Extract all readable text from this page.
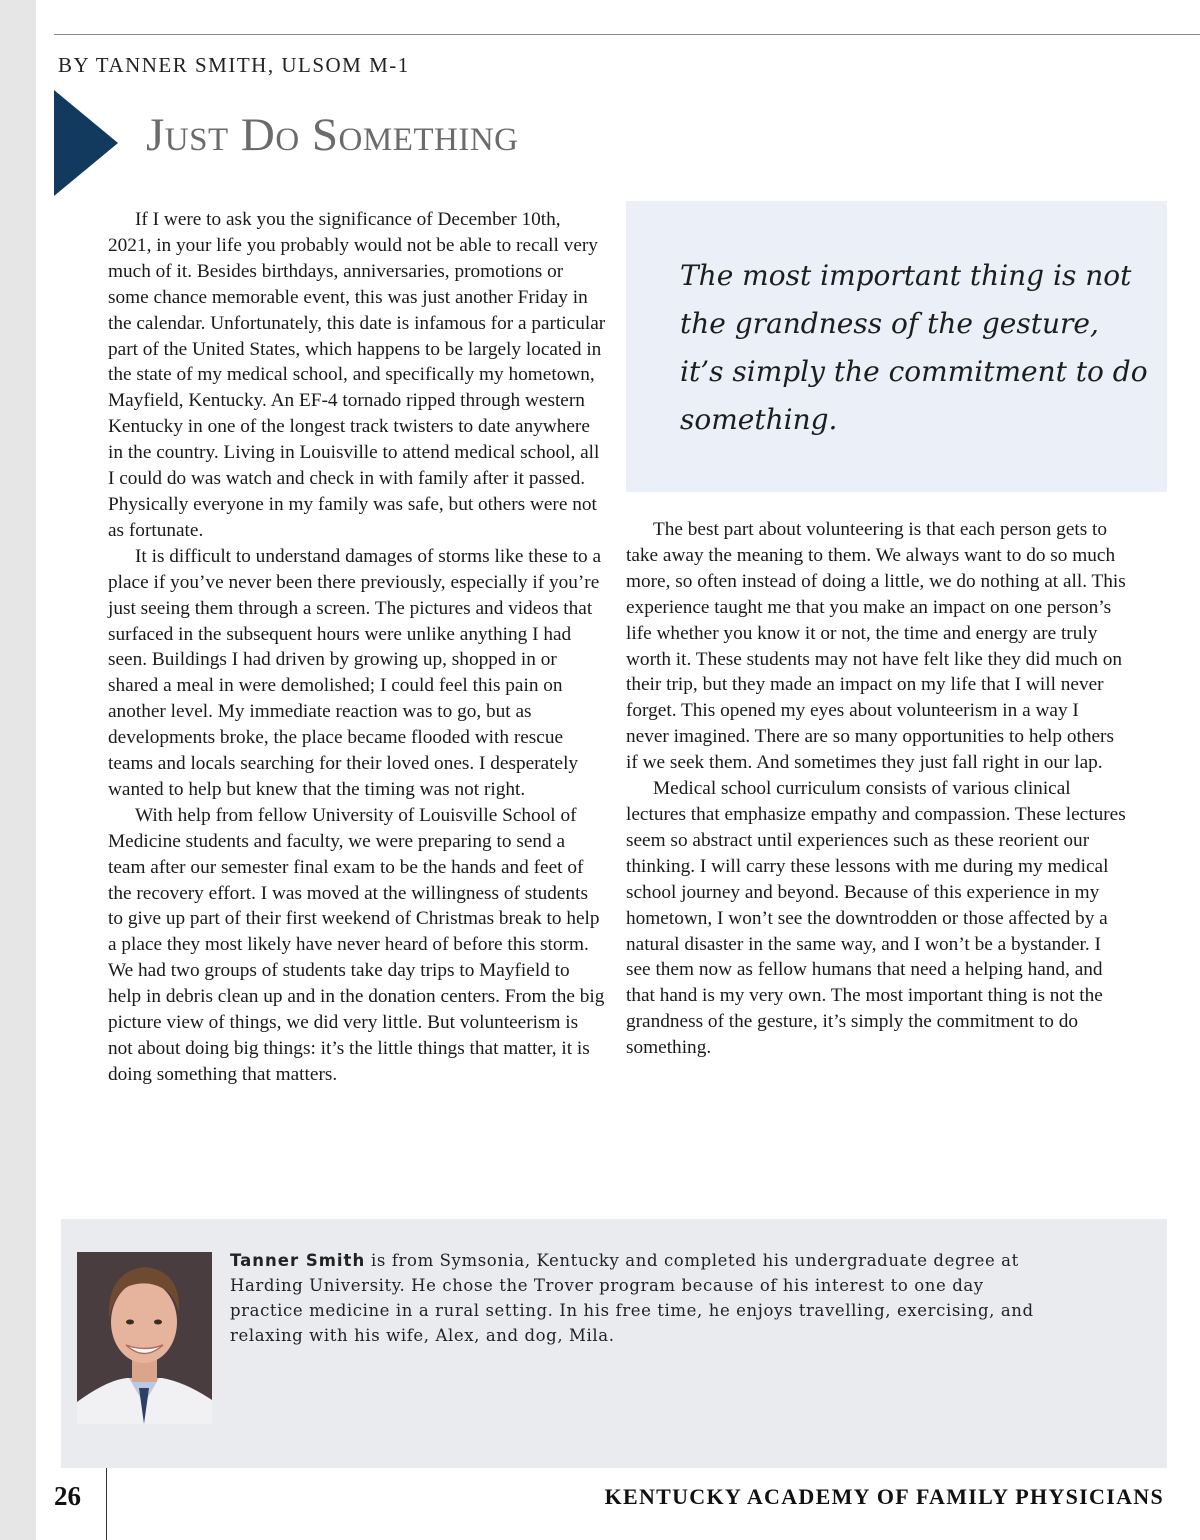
BY TANNER SMITH, ULSOM M-1
Just Do Something

If I were to ask you the significance of December 10th, 2021, in your life you probably would not be able to recall very much of it. Besides birthdays, anniversaries, promotions or some chance memorable event, this was just another Friday in the calendar. Unfortunately, this date is infamous for a particular part of the United States, which happens to be largely located in the state of my medical school, and specifically my hometown, Mayfield, Kentucky. An EF-4 tornado ripped through western Kentucky in one of the longest track twisters to date anywhere in the country. Living in Louisville to attend medical school, all I could do was watch and check in with family after it passed. Physically everyone in my family was safe, but others were not as fortunate.

It is difficult to understand damages of storms like these to a place if you’ve never been there previously, especially if you’re just seeing them through a screen. The pictures and videos that surfaced in the subsequent hours were unlike anything I had seen. Buildings I had driven by growing up, shopped in or shared a meal in were demolished; I could feel this pain on another level. My immediate reaction was to go, but as developments broke, the place became flooded with rescue teams and locals searching for their loved ones. I desperately wanted to help but knew that the timing was not right.

With help from fellow University of Louisville School of Medicine students and faculty, we were preparing to send a team after our semester final exam to be the hands and feet of the recovery effort. I was moved at the willingness of students to give up part of their first weekend of Christmas break to help a place they most likely have never heard of before this storm. We had two groups of students take day trips to Mayfield to help in debris clean up and in the donation centers. From the big picture view of things, we did very little. But volunteerism is not about doing big things: it’s the little things that matter, it is doing something that matters.

The most important thing is not the grandness of the gesture, it’s simply the commitment to do something.

The best part about volunteering is that each person gets to take away the meaning to them. We always want to do so much more, so often instead of doing a little, we do nothing at all. This experience taught me that you make an impact on one person’s life whether you know it or not, the time and energy are truly worth it. These students may not have felt like they did much on their trip, but they made an impact on my life that I will never forget. This opened my eyes about volunteerism in a way I never imagined. There are so many opportunities to help others if we seek them. And sometimes they just fall right in our lap.

Medical school curriculum consists of various clinical lectures that emphasize empathy and compassion. These lectures seem so abstract until experiences such as these reorient our thinking. I will carry these lessons with me during my medical school journey and beyond. Because of this experience in my hometown, I won’t see the downtrodden or those affected by a natural disaster in the same way, and I won’t be a bystander. I see them now as fellow humans that need a helping hand, and that hand is my very own. The most important thing is not the grandness of the gesture, it’s simply the commitment to do something.

Tanner Smith is from Symsonia, Kentucky and completed his undergraduate degree at Harding University. He chose the Trover program because of his interest to one day practice medicine in a rural setting. In his free time, he enjoys travelling, exercising, and relaxing with his wife, Alex, and dog, Mila.
26	KENTUCKY ACADEMY OF FAMILY PHYSICIANS
